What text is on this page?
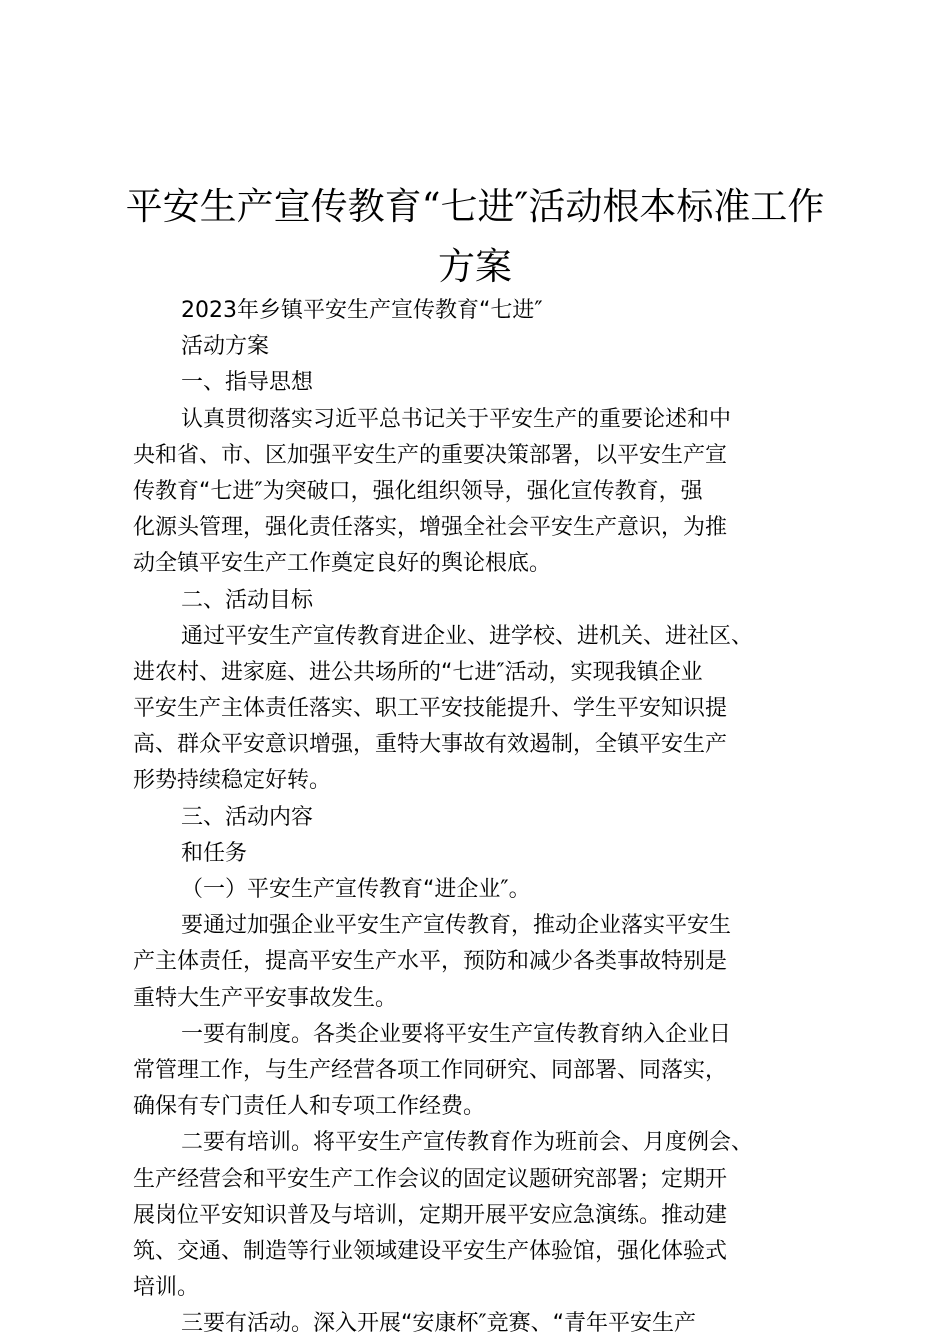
平安生产宣传教育“七进″活动根本标准工作
方案
2023年乡镇平安生产宣传教育“七进″
活动方案
一、指导思想
认真贯彻落实习近平总书记关于平安生产的重要论述和中
央和省、市、区加强平安生产的重要决策部署，以平安生产宣
传教育“七进″为突破口，强化组织领导，强化宣传教育，强
化源头管理，强化责任落实，增强全社会平安生产意识，为推
动全镇平安生产工作奠定良好的舆论根底。
二、活动目标
通过平安生产宣传教育进企业、进学校、进机关、进社区、
进农村、进家庭、进公共场所的“七进″活动，实现我镇企业
平安生产主体责任落实、职工平安技能提升、学生平安知识提
高、群众平安意识增强，重特大事故有效遏制，全镇平安生产
形势持续稳定好转。
三、活动内容
和任务
（一）平安生产宣传教育“进企业″。
要通过加强企业平安生产宣传教育，推动企业落实平安生
产主体责任，提高平安生产水平，预防和减少各类事故特别是
重特大生产平安事故发生。
一要有制度。各类企业要将平安生产宣传教育纳入企业日
常管理工作，与生产经营各项工作同研究、同部署、同落实，
确保有专门责任人和专项工作经费。
二要有培训。将平安生产宣传教育作为班前会、月度例会、
生产经营会和平安生产工作会议的固定议题研究部署；定期开
展岗位平安知识普及与培训，定期开展平安应急演练。推动建
筑、交通、制造等行业领域建设平安生产体验馆，强化体验式
培训。
三要有活动。深入开展“安康杯″竞赛、“青年平安生产
